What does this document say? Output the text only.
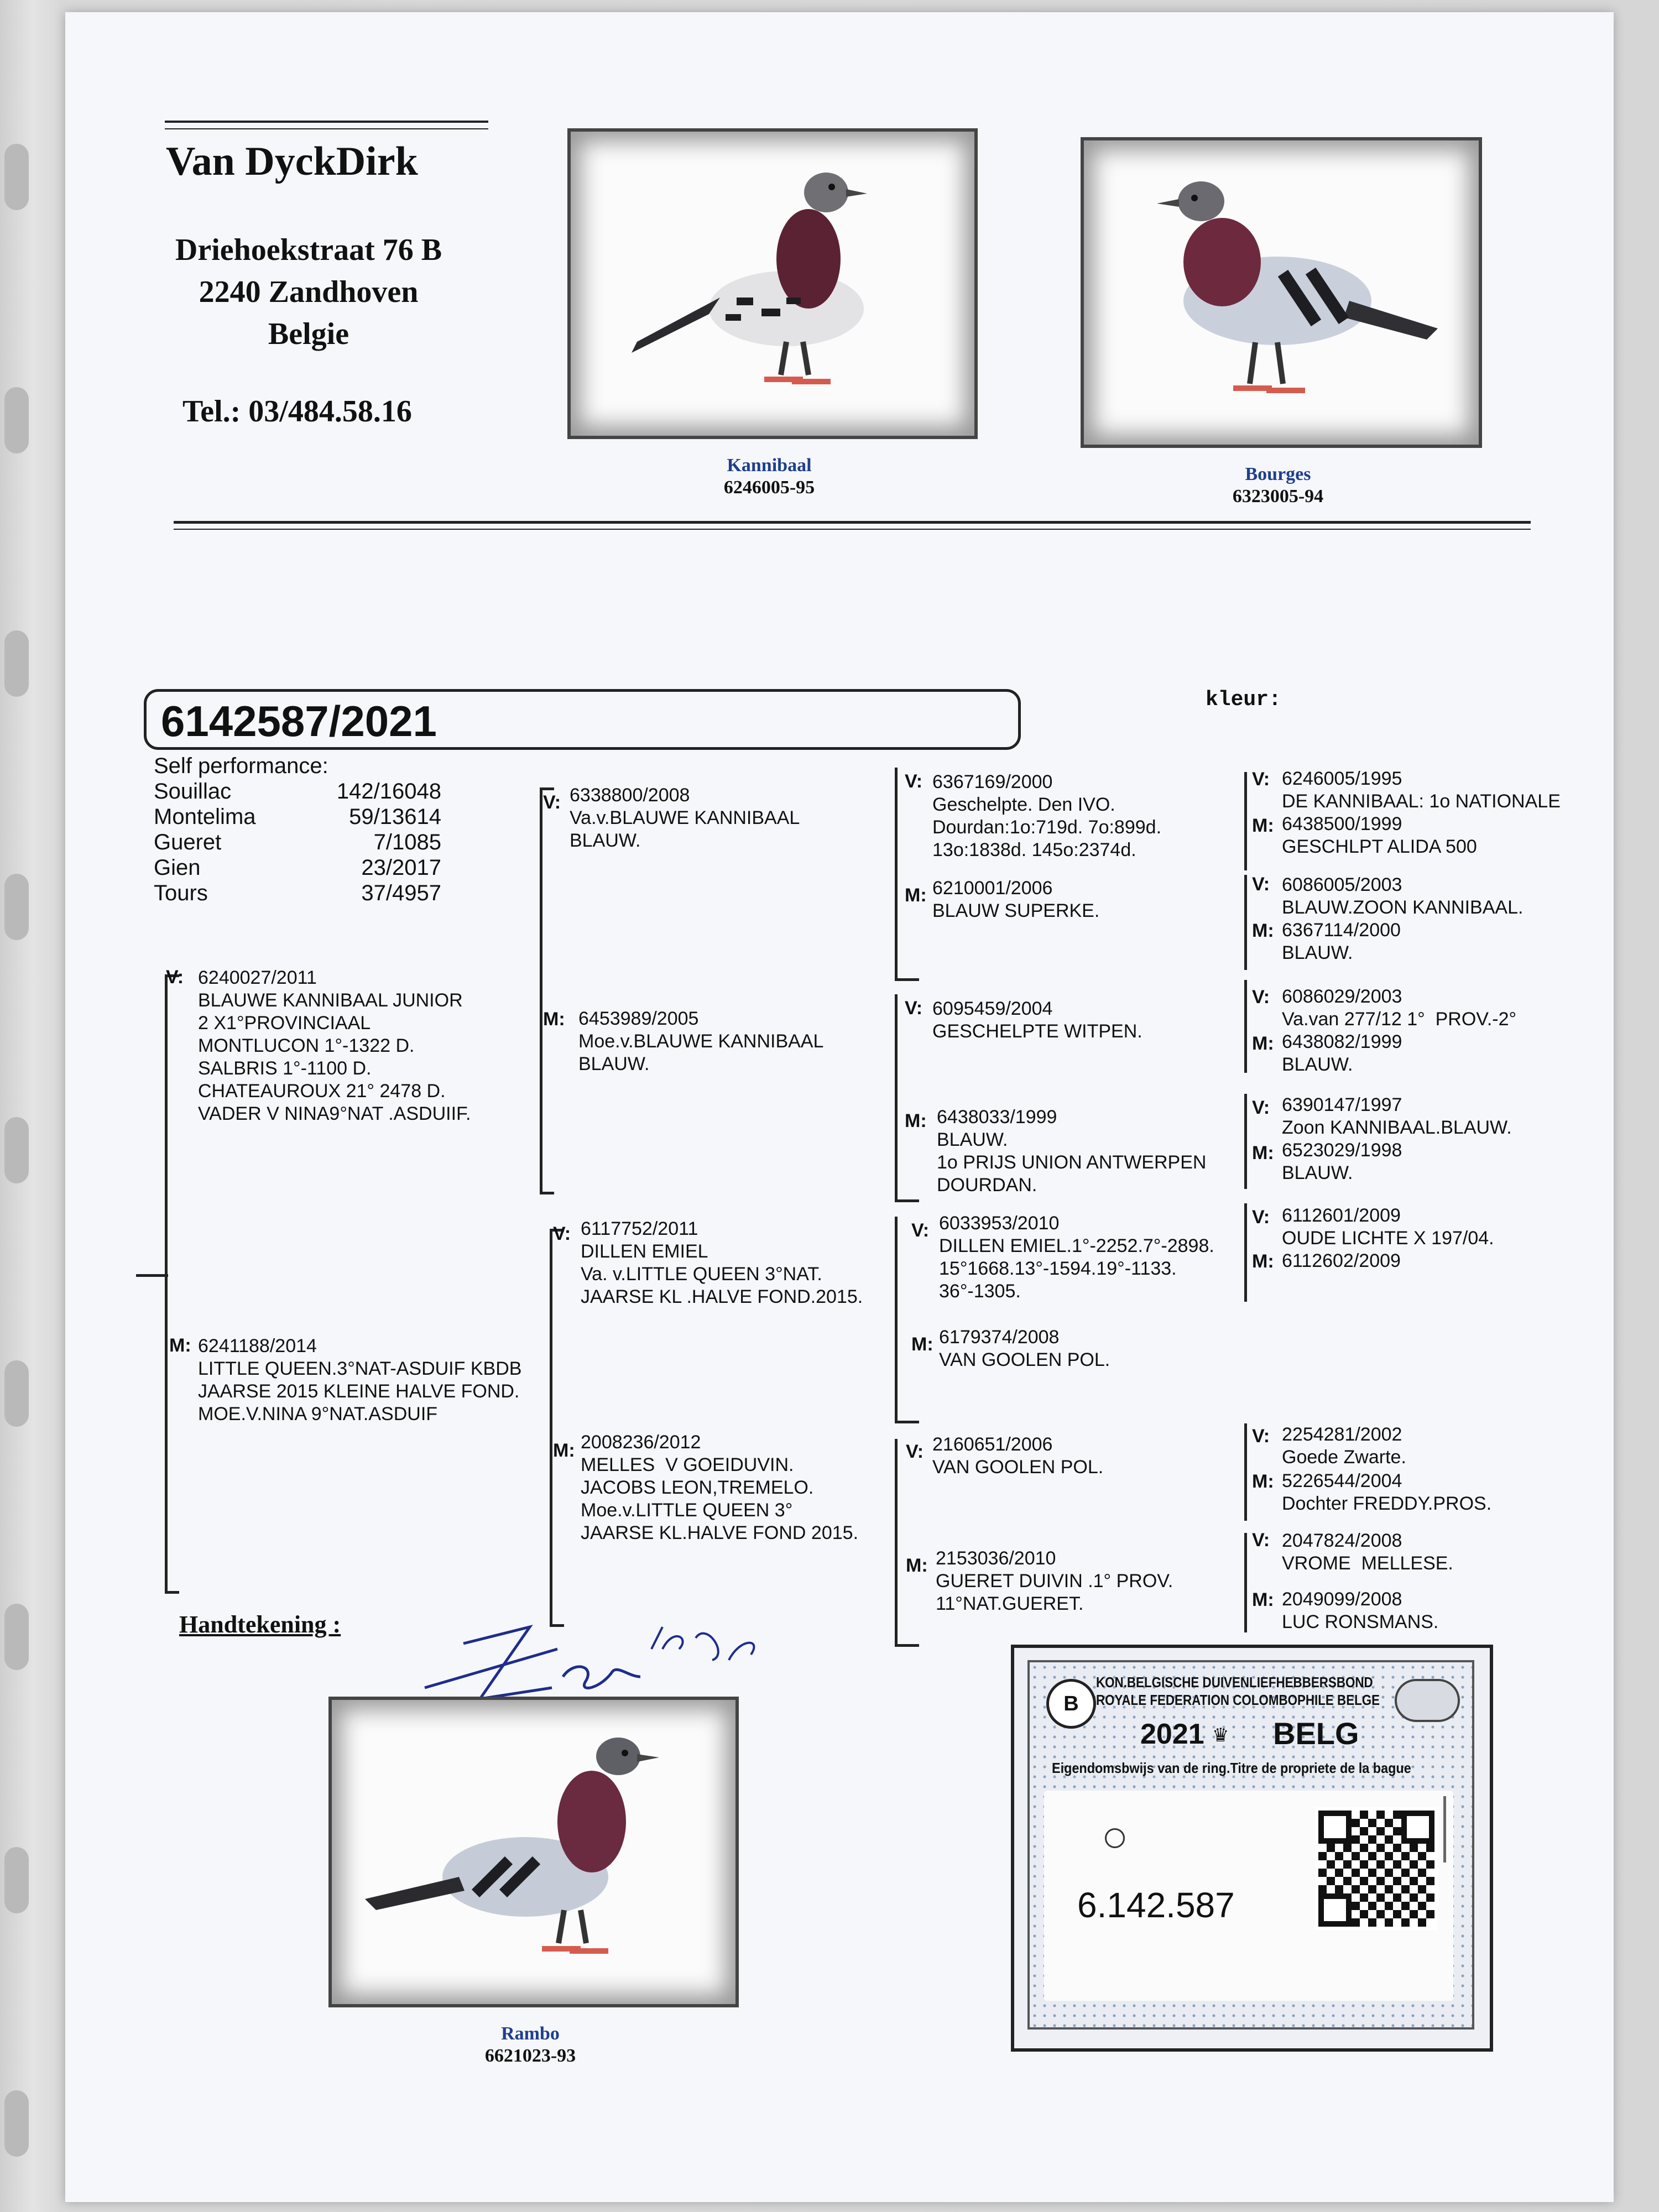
Van DyckDirk
Driehoekstraat 76 B
2240 Zandhoven
Belgie
Tel.: 03/484.58.16
Kannibaal
6246005-95
Bourges
6323005-94
6142587/2021	kleur:
Self performance:
Souillac	142/16048
Montelima	59/13614
Gueret	7/1085
Gien	23/2017
Tours	37/4957
V: 6240027/2011
BLAUWE KANNIBAAL JUNIOR
2 X1°PROVINCIAAL
MONTLUCON 1°-1322 D.
SALBRIS 1°-1100 D.
CHATEAUROUX 21° 2478 D.
VADER V NINA9°NAT .ASDUIIF.
M: 6241188/2014
LITTLE QUEEN.3°NAT-ASDUIF KBDB
JAARSE 2015 KLEINE HALVE FOND.
MOE.V.NINA 9°NAT.ASDUIF
V: 6338800/2008
Va.v.BLAUWE KANNIBAAL
BLAUW.
M: 6453989/2005
Moe.v.BLAUWE KANNIBAAL
BLAUW.
V: 6117752/2011
DILLEN EMIEL
Va. v.LITTLE QUEEN 3°NAT.
JAARSE KL .HALVE FOND.2015.
M: 2008236/2012
MELLES  V GOEIDUVIN.
JACOBS LEON,TREMELO.
Moe.v.LITTLE QUEEN 3°
JAARSE KL.HALVE FOND 2015.
V: 6367169/2000
Geschelpte. Den IVO.
Dourdan:1o:719d. 7o:899d.
13o:1838d. 145o:2374d.
M: 6210001/2006
BLAUW SUPERKE.
V: 6095459/2004
GESCHELPTE WITPEN.
M: 6438033/1999
BLAUW.
1o PRIJS UNION ANTWERPEN
DOURDAN.
V: 6033953/2010
DILLEN EMIEL.1°-2252.7°-2898.
15°1668.13°-1594.19°-1133.
36°-1305.
M: 6179374/2008
VAN GOOLEN POL.
V: 2160651/2006
VAN GOOLEN POL.
M: 2153036/2010
GUERET DUIVIN .1° PROV.
11°NAT.GUERET.
V: 6246005/1995
DE KANNIBAAL: 1o NATIONALE
M: 6438500/1999
GESCHLPT ALIDA 500
V: 6086005/2003
BLAUW.ZOON KANNIBAAL.
M: 6367114/2000
BLAUW.
V: 6086029/2003
Va.van 277/12 1°  PROV.-2°
M: 6438082/1999
BLAUW.
V: 6390147/1997
Zoon KANNIBAAL.BLAUW.
M: 6523029/1998
BLAUW.
V: 6112601/2009
OUDE LICHTE X 197/04.
M: 6112602/2009
V: 2254281/2002
Goede Zwarte.
M: 5226544/2004
Dochter FREDDY.PROS.
V: 2047824/2008
VROME  MELLESE.
M: 2049099/2008
LUC RONSMANS.
Handtekening :
Rambo
6621023-93
B
KON.BELGISCHE DUIVENLIEFHEBBERSBOND
ROYALE FEDERATION COLOMBOPHILE BELGE
2021 ♛ BELG
Eigendomsbwijs van de ring.Titre de propriete de la bague
6.142.587
